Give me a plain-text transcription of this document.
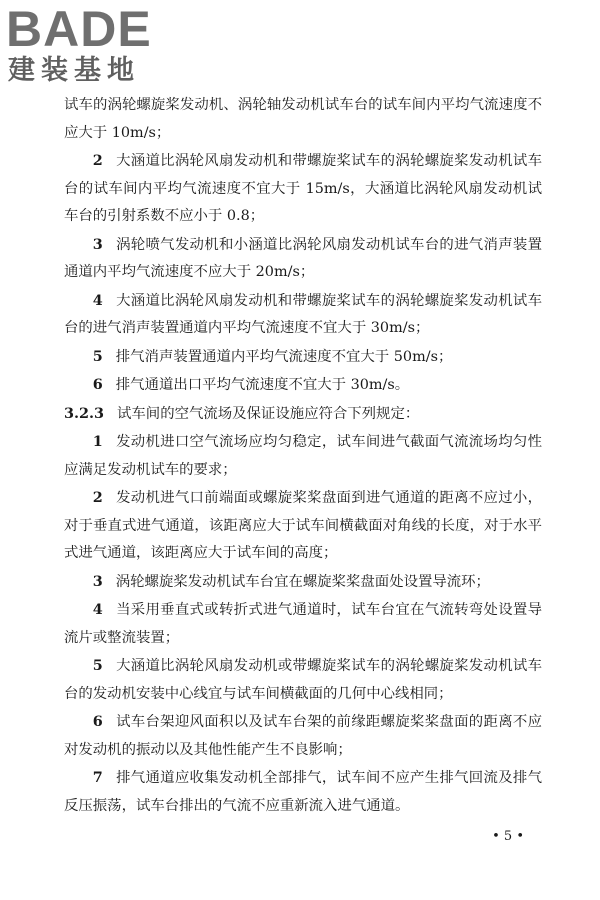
BADE
建装基地

试车的涡轮螺旋桨发动机、涡轮轴发动机试车台的试车间内平均气流速度不应大于 10m/s；

2 大涵道比涡轮风扇发动机和带螺旋桨试车的涡轮螺旋桨发动机试车台的试车间内平均气流速度不宜大于 15m/s，大涵道比涡轮风扇发动机试车台的引射系数不应小于 0.8；

3 涡轮喷气发动机和小涵道比涡轮风扇发动机试车台的进气消声装置通道内平均气流速度不应大于 20m/s；

4 大涵道比涡轮风扇发动机和带螺旋桨试车的涡轮螺旋桨发动机试车台的进气消声装置通道内平均气流速度不宜大于 30m/s；

5 排气消声装置通道内平均气流速度不宜大于 50m/s；

6 排气通道出口平均气流速度不宜大于 30m/s。

3.2.3 试车间的空气流场及保证设施应符合下列规定：

1 发动机进口空气流场应均匀稳定，试车间进气截面气流流场均匀性应满足发动机试车的要求；

2 发动机进气口前端面或螺旋桨桨盘面到进气通道的距离不应过小，对于垂直式进气通道，该距离应大于试车间横截面对角线的长度，对于水平式进气通道，该距离应大于试车间的高度；

3 涡轮螺旋桨发动机试车台宜在螺旋桨桨盘面处设置导流环；

4 当采用垂直式或转折式进气通道时，试车台宜在气流转弯处设置导流片或整流装置；

5 大涵道比涡轮风扇发动机或带螺旋桨试车的涡轮螺旋桨发动机试车台的发动机安装中心线宜与试车间横截面的几何中心线相同；

6 试车台架迎风面积以及试车台架的前缘距螺旋桨桨盘面的距离不应对发动机的振动以及其他性能产生不良影响；

7 排气通道应收集发动机全部排气，试车间不应产生排气回流及排气反压振荡，试车台排出的气流不应重新流入进气通道。

• 5 •
